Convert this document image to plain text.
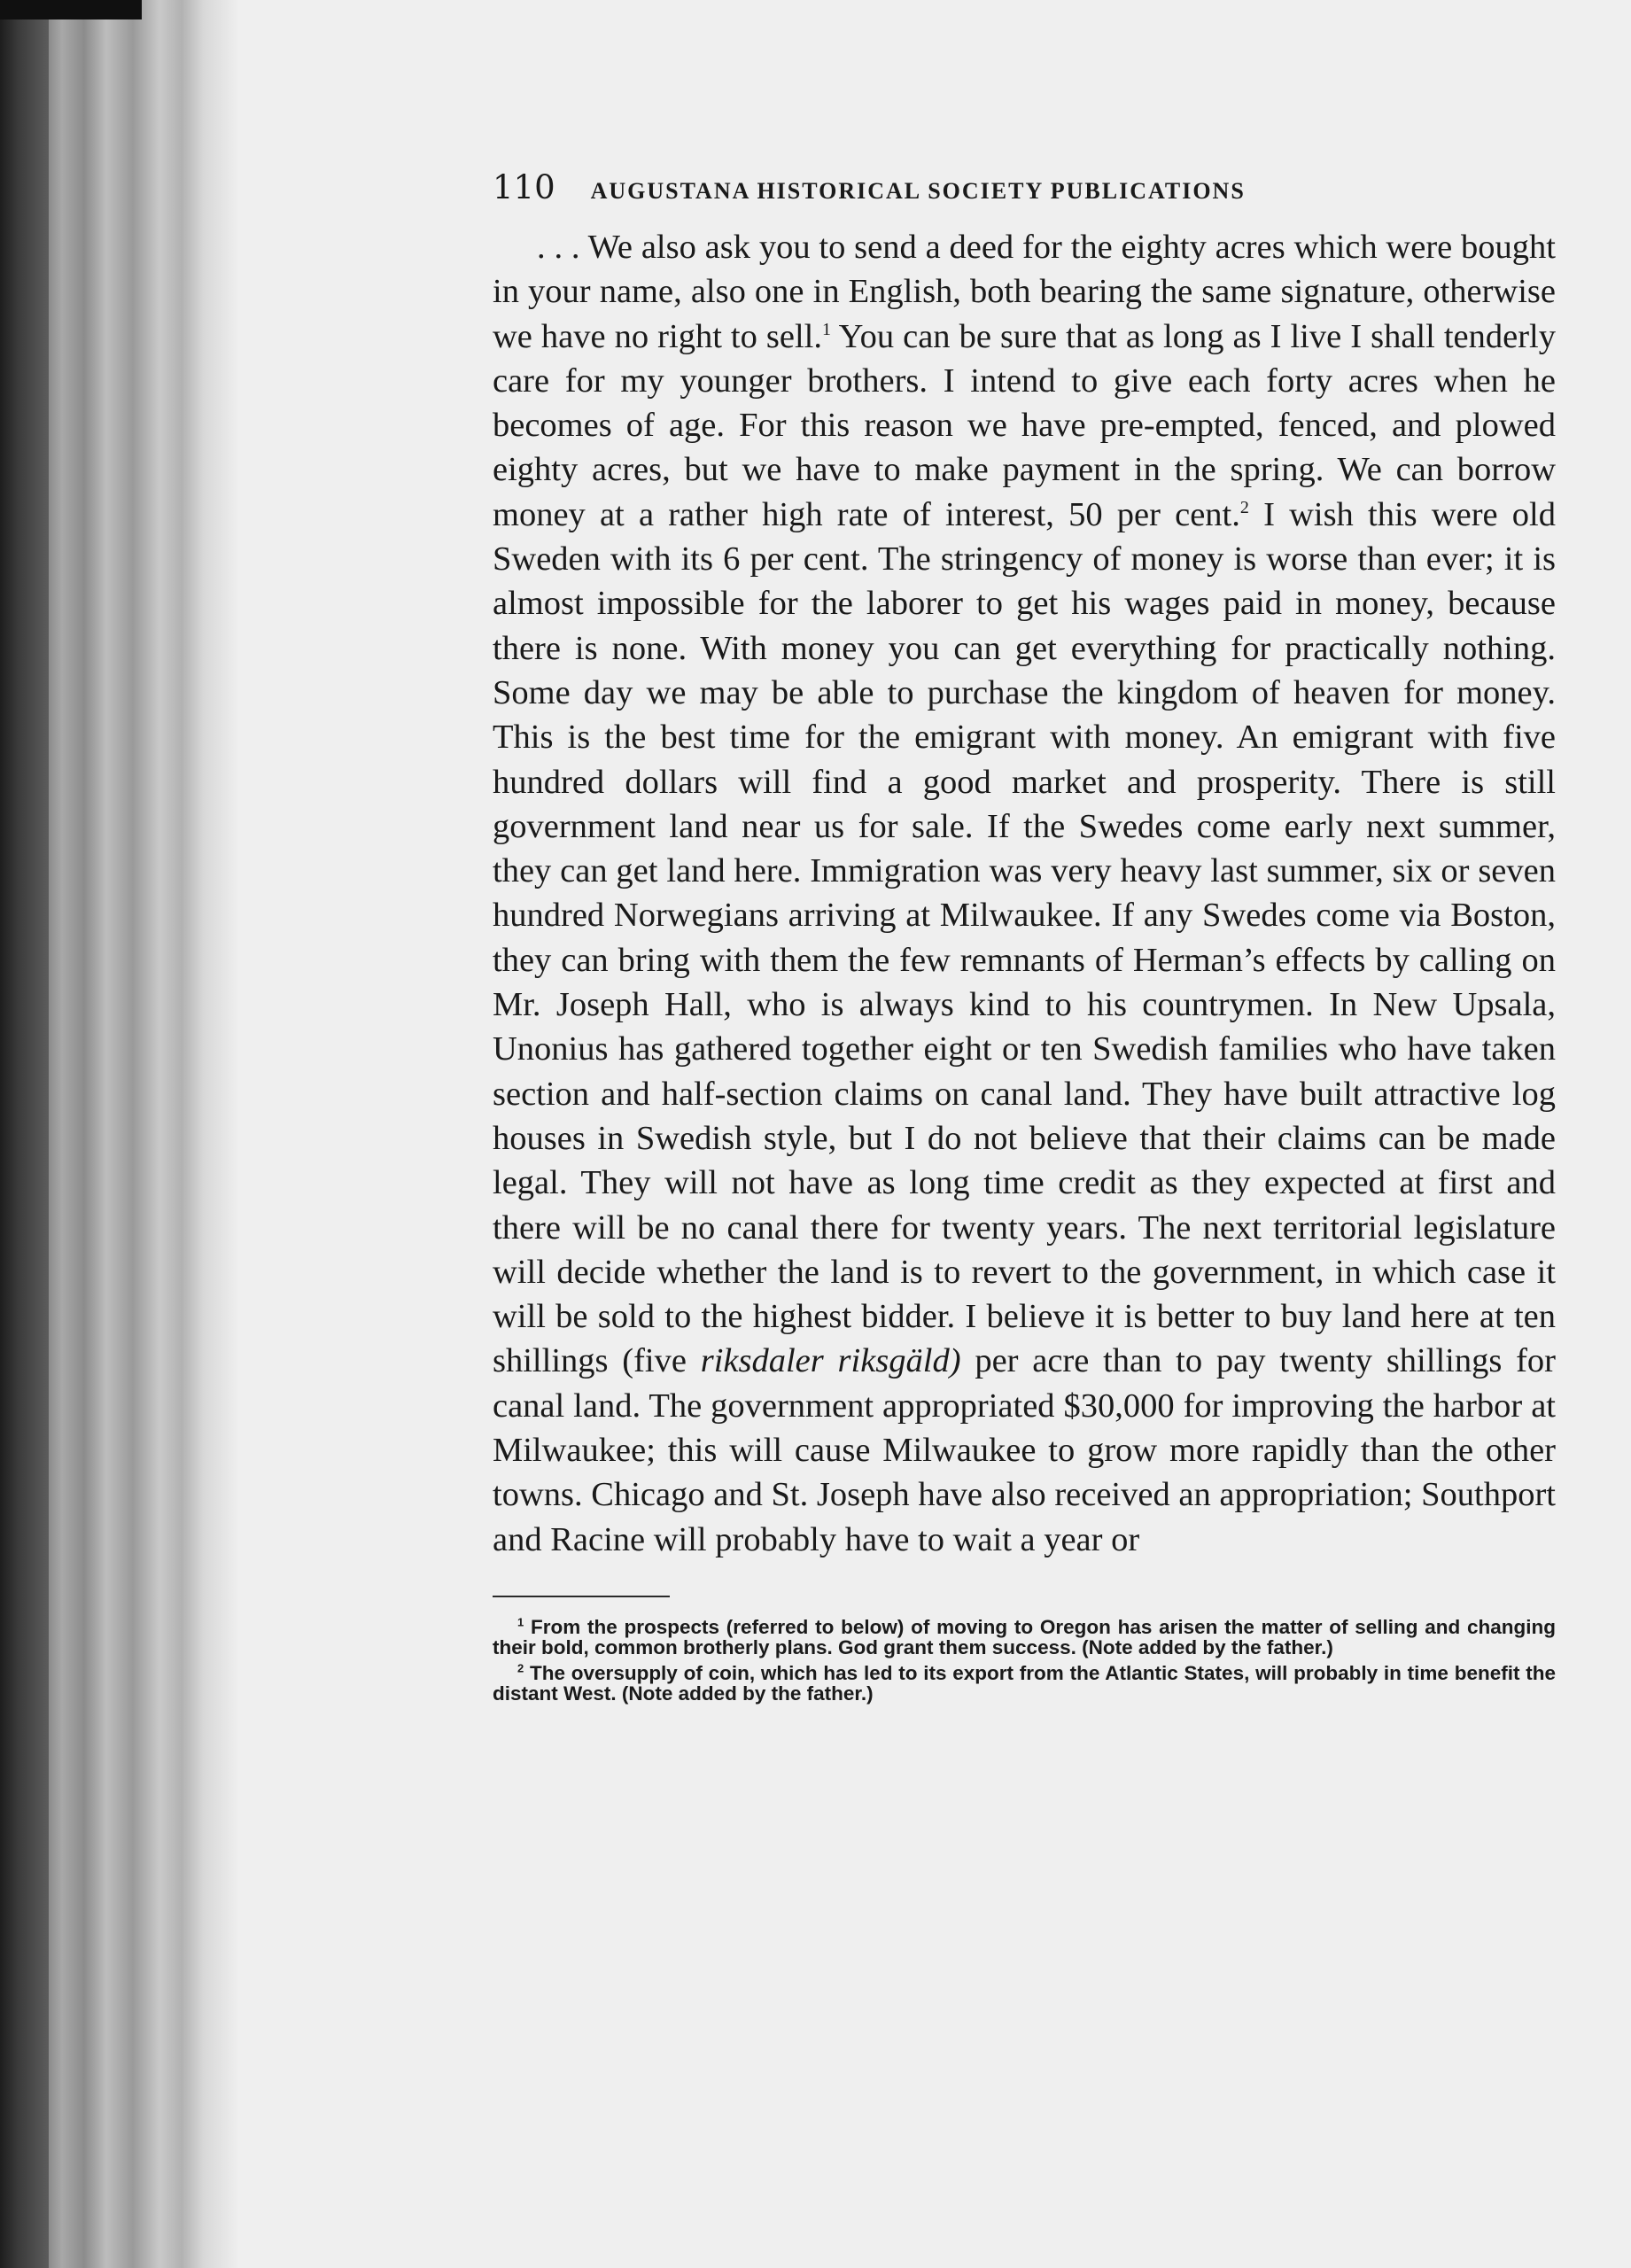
110 AUGUSTANA HISTORICAL SOCIETY PUBLICATIONS

. . . We also ask you to send a deed for the eighty acres which were bought in your name, also one in English, both bearing the same signature, otherwise we have no right to sell.$^1$ You can be sure that as long as I live I shall tenderly care for my younger brothers. I intend to give each forty acres when he becomes of age. For this reason we have pre-empted, fenced, and plowed eighty acres, but we have to make payment in the spring. We can borrow money at a rather high rate of interest, 50 per cent.$^2$ I wish this were old Sweden with its 6 per cent. The stringency of money is worse than ever; it is almost impossible for the laborer to get his wages paid in money, because there is none. With money you can get everything for practically nothing. Some day we may be able to purchase the kingdom of heaven for money. This is the best time for the emigrant with money. An emigrant with five hundred dollars will find a good market and prosperity. There is still government land near us for sale. If the Swedes come early next summer, they can get land here. Immigration was very heavy last summer, six or seven hundred Norwegians arriving at Milwaukee. If any Swedes come via Boston, they can bring with them the few remnants of Herman’s effects by calling on Mr. Joseph Hall, who is always kind to his countrymen. In New Upsala, Unonius has gathered together eight or ten Swedish families who have taken section and half-section claims on canal land. They have built attractive log houses in Swedish style, but I do not believe that their claims can be made legal. They will not have as long time credit as they expected at first and there will be no canal there for twenty years. The next territorial legislature will decide whether the land is to revert to the government, in which case it will be sold to the highest bidder. I believe it is better to buy land here at ten shillings (five riksdaler riksgäld) per acre than to pay twenty shillings for canal land. The government appropriated $30,000 for improving the harbor at Milwaukee; this will cause Milwaukee to grow more rapidly than the other towns. Chicago and St. Joseph have also received an appropriation; Southport and Racine will probably have to wait a year or

$^1$ From the prospects (referred to below) of moving to Oregon has arisen the matter of selling and changing their bold, common brotherly plans. God grant them success. (Note added by the father.)

$^2$ The oversupply of coin, which has led to its export from the Atlantic States, will probably in time benefit the distant West. (Note added by the father.)
